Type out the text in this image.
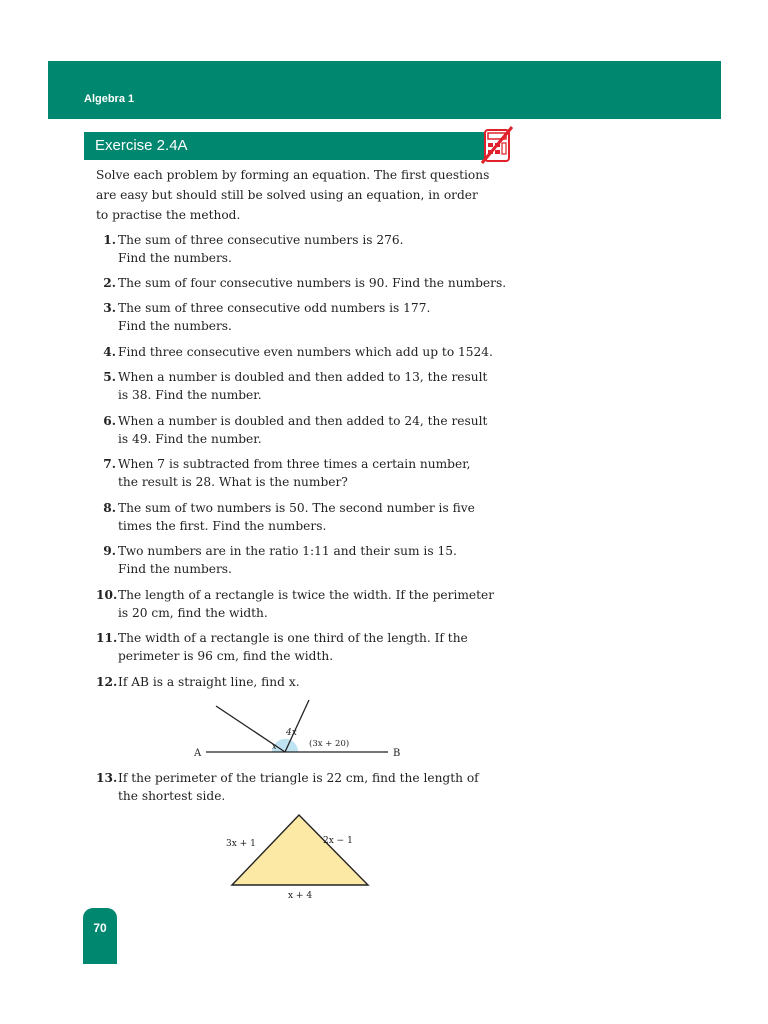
Algebra 1
Exercise 2.4A
Solve each problem by forming an equation. The first questions
are easy but should still be solved using an equation, in order
to practise the method.
1. The sum of three consecutive numbers is 276.
Find the numbers.
2. The sum of four consecutive numbers is 90. Find the numbers.
3. The sum of three consecutive odd numbers is 177.
Find the numbers.
4. Find three consecutive even numbers which add up to 1524.
5. When a number is doubled and then added to 13, the result
is 38. Find the number.
6. When a number is doubled and then added to 24, the result
is 49. Find the number.
7. When 7 is subtracted from three times a certain number,
the result is 28. What is the number?
8. The sum of two numbers is 50. The second number is five
times the first. Find the numbers.
9. Two numbers are in the ratio 1:11 and their sum is 15.
Find the numbers.
10. The length of a rectangle is twice the width. If the perimeter
is 20 cm, find the width.
11. The width of a rectangle is one third of the length. If the
perimeter is 96 cm, find the width.
12. If AB is a straight line, find x.
A	B
x
4x
(3x + 20)
13. If the perimeter of the triangle is 22 cm, find the length of
the shortest side.
3x + 1	2x − 1
x + 4
70
